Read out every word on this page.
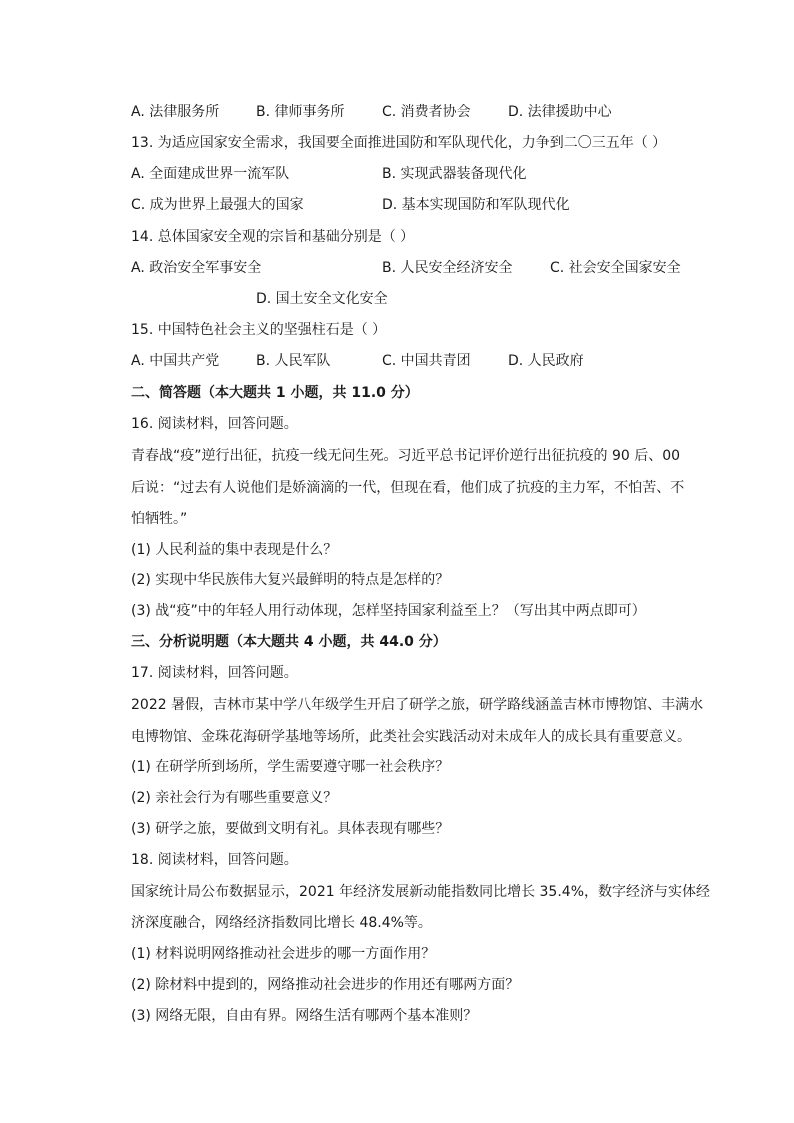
A. 法律服务所	B. 律师事务所	C. 消费者协会	D. 法律援助中心
13. 为适应国家安全需求，我国要全面推进国防和军队现代化，力争到二〇三五年（ ）
A. 全面建成世界一流军队	B. 实现武器装备现代化
C. 成为世界上最强大的国家	D. 基本实现国防和军队现代化
14. 总体国家安全观的宗旨和基础分别是（ ）
A. 政治安全军事安全	B. 人民安全经济安全	C. 社会安全国家安全
D. 国土安全文化安全
15. 中国特色社会主义的坚强柱石是（ ）
A. 中国共产党	B. 人民军队	C. 中国共青团	D. 人民政府
二、简答题（本大题共 1 小题，共 11.0 分）
16. 阅读材料，回答问题。
青春战“疫”逆行出征，抗疫一线无问生死。习近平总书记评价逆行出征抗疫的 90 后、00
后说：“过去有人说他们是娇滴滴的一代，但现在看，他们成了抗疫的主力军，不怕苦、不
怕牺牲。”
(1) 人民利益的集中表现是什么？
(2) 实现中华民族伟大复兴最鲜明的特点是怎样的？
(3) 战“疫”中的年轻人用行动体现，怎样坚持国家利益至上？（写出其中两点即可）
三、分析说明题（本大题共 4 小题，共 44.0 分）
17. 阅读材料，回答问题。
2022 暑假，吉林市某中学八年级学生开启了研学之旅，研学路线涵盖吉林市博物馆、丰满水
电博物馆、金珠花海研学基地等场所，此类社会实践活动对未成年人的成长具有重要意义。
(1) 在研学所到场所，学生需要遵守哪一社会秩序？
(2) 亲社会行为有哪些重要意义？
(3) 研学之旅，要做到文明有礼。具体表现有哪些？
18. 阅读材料，回答问题。
国家统计局公布数据显示，2021 年经济发展新动能指数同比增长 35.4%，数字经济与实体经
济深度融合，网络经济指数同比增长 48.4%等。
(1) 材料说明网络推动社会进步的哪一方面作用？
(2) 除材料中提到的，网络推动社会进步的作用还有哪两方面？
(3) 网络无限，自由有界。网络生活有哪两个基本准则？
